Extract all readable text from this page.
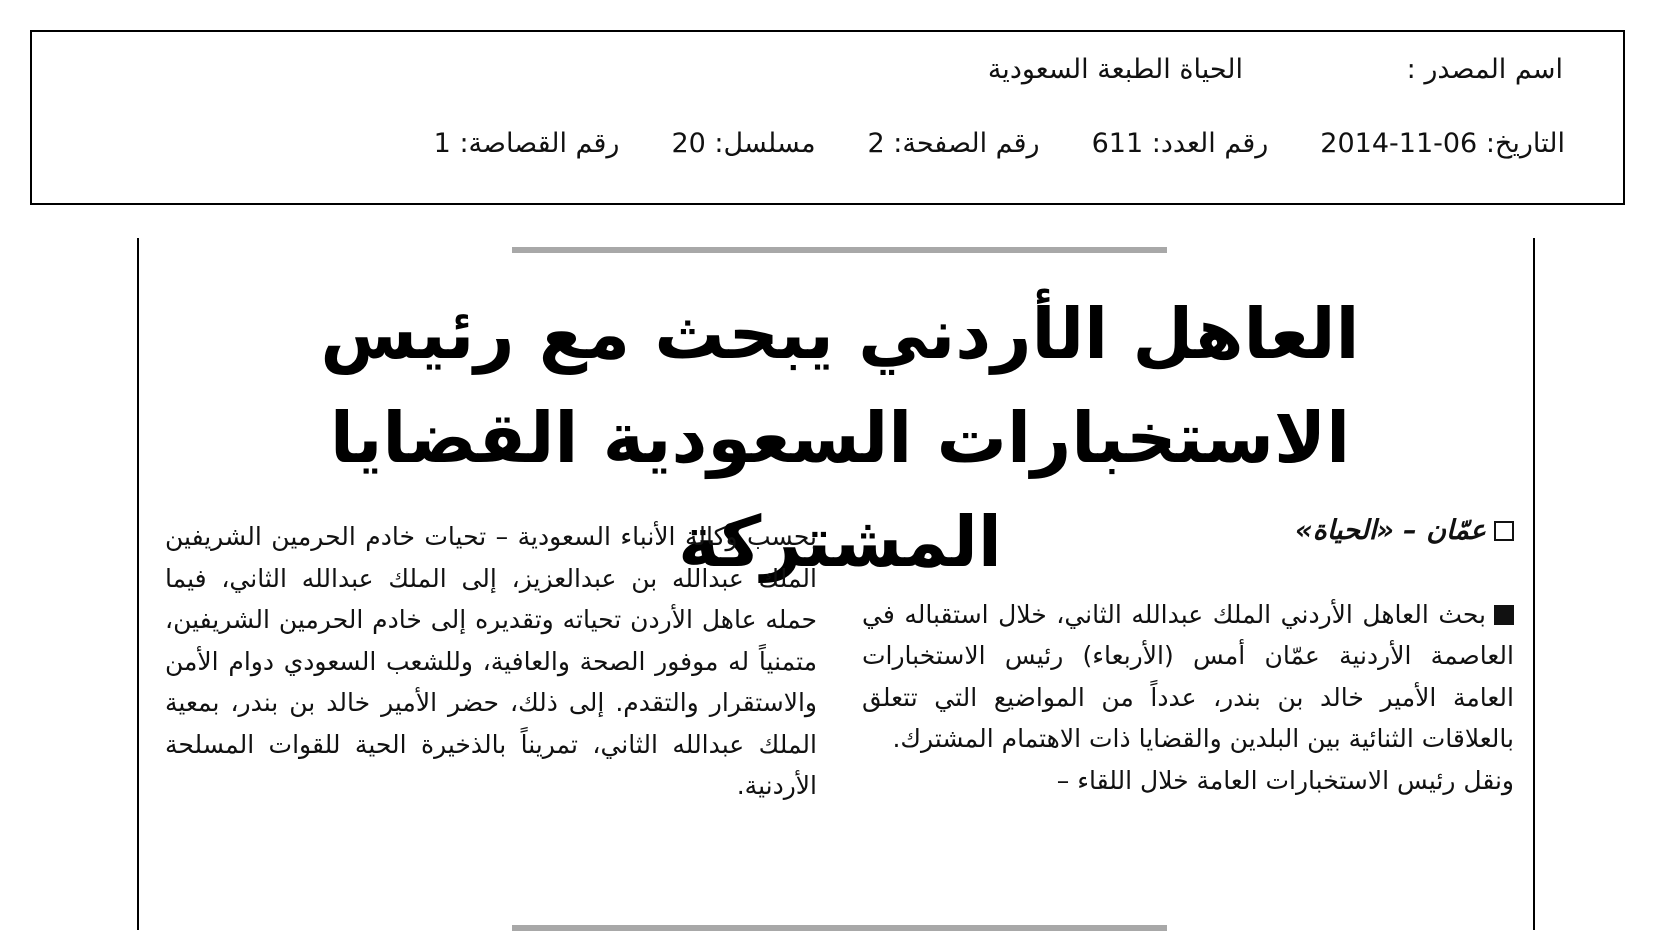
اسم المصدر :
الحياة الطبعة السعودية
التاريخ: 06-11-2014
رقم العدد: 611
رقم الصفحة: 2
مسلسل: 20
رقم القصاصة: 1
العاهل الأردني يبحث مع رئيس
الاستخبارات السعودية القضايا المشتركة	عمّان – «الحياة»

بحث العاهل الأردني الملك عبدالله الثاني، خلال استقباله في العاصمة الأردنية عمّان أمس (الأربعاء) رئيس الاستخبارات العامة الأمير خالد بن بندر، عدداً من المواضيع التي تتعلق بالعلاقات الثنائية بين البلدين والقضايا ذات الاهتمام المشترك.

ونقل رئيس الاستخبارات العامة خلال اللقاء –

بحسب وكالة الأنباء السعودية – تحيات خادم الحرمين الشريفين الملك عبدالله بن عبدالعزيز، إلى الملك عبدالله الثاني، فيما حمله عاهل الأردن تحياته وتقديره إلى خادم الحرمين الشريفين، متمنياً له موفور الصحة والعافية، وللشعب السعودي دوام الأمن والاستقرار والتقدم. إلى ذلك، حضر الأمير خالد بن بندر، بمعية الملك عبدالله الثاني، تمريناً بالذخيرة الحية للقوات المسلحة الأردنية.
